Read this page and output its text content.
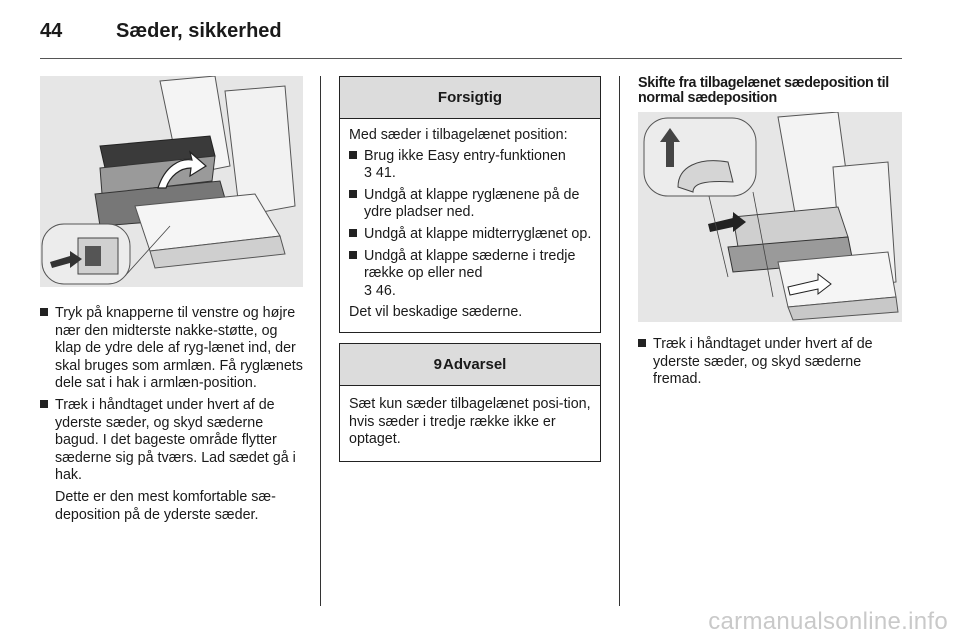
44	Sæder, sikkerhed
Tryk på knapperne til venstre og højre nær den midterste nakke-støtte, og klap de ydre dele af ryg-lænet ind, der skal bruges som armlæn. Få ryglænets dele sat i hak i armlæn-position.
Træk i håndtaget under hvert af de yderste sæder, og skyd sæderne bagud. I det bageste område flytter sæderne sig på tværs. Lad sædet gå i hak.

Dette er den mest komfortable sæ-deposition på de yderste sæder.

Forsigtig

Med sæder i tilbagelænet position:

Brug ikke Easy entry-funktionen
3 41.
Undgå at klappe ryglænene på de ydre pladser ned.
Undgå at klappe midterryglænet op.
Undgå at klappe sæderne i tredje række op eller ned
3 46.

Det vil beskadige sæderne.

9Advarsel
Sæt kun sæder tilbagelænet posi-tion, hvis sæder i tredje række ikke er optaget.

Skifte fra tilbagelænet sædeposition til normal sædeposition

Træk i håndtaget under hvert af de yderste sæder, og skyd sæderne fremad.
carmanualsonline.info
